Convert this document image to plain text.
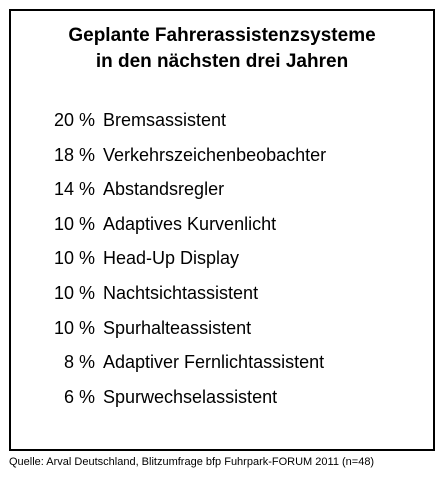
Geplante Fahrerassistenzsysteme
in den nächsten drei Jahren
20 % Bremsassistent
18 % Verkehrszeichenbeobachter
14 % Abstandsregler
10 % Adaptives Kurvenlicht
10 % Head-Up Display
10 % Nachtsichtassistent
10 % Spurhalteassistent
8 % Adaptiver Fernlichtassistent
6 % Spurwechselassistent
Quelle: Arval Deutschland, Blitzumfrage bfp Fuhrpark-FORUM 2011 (n=48)
